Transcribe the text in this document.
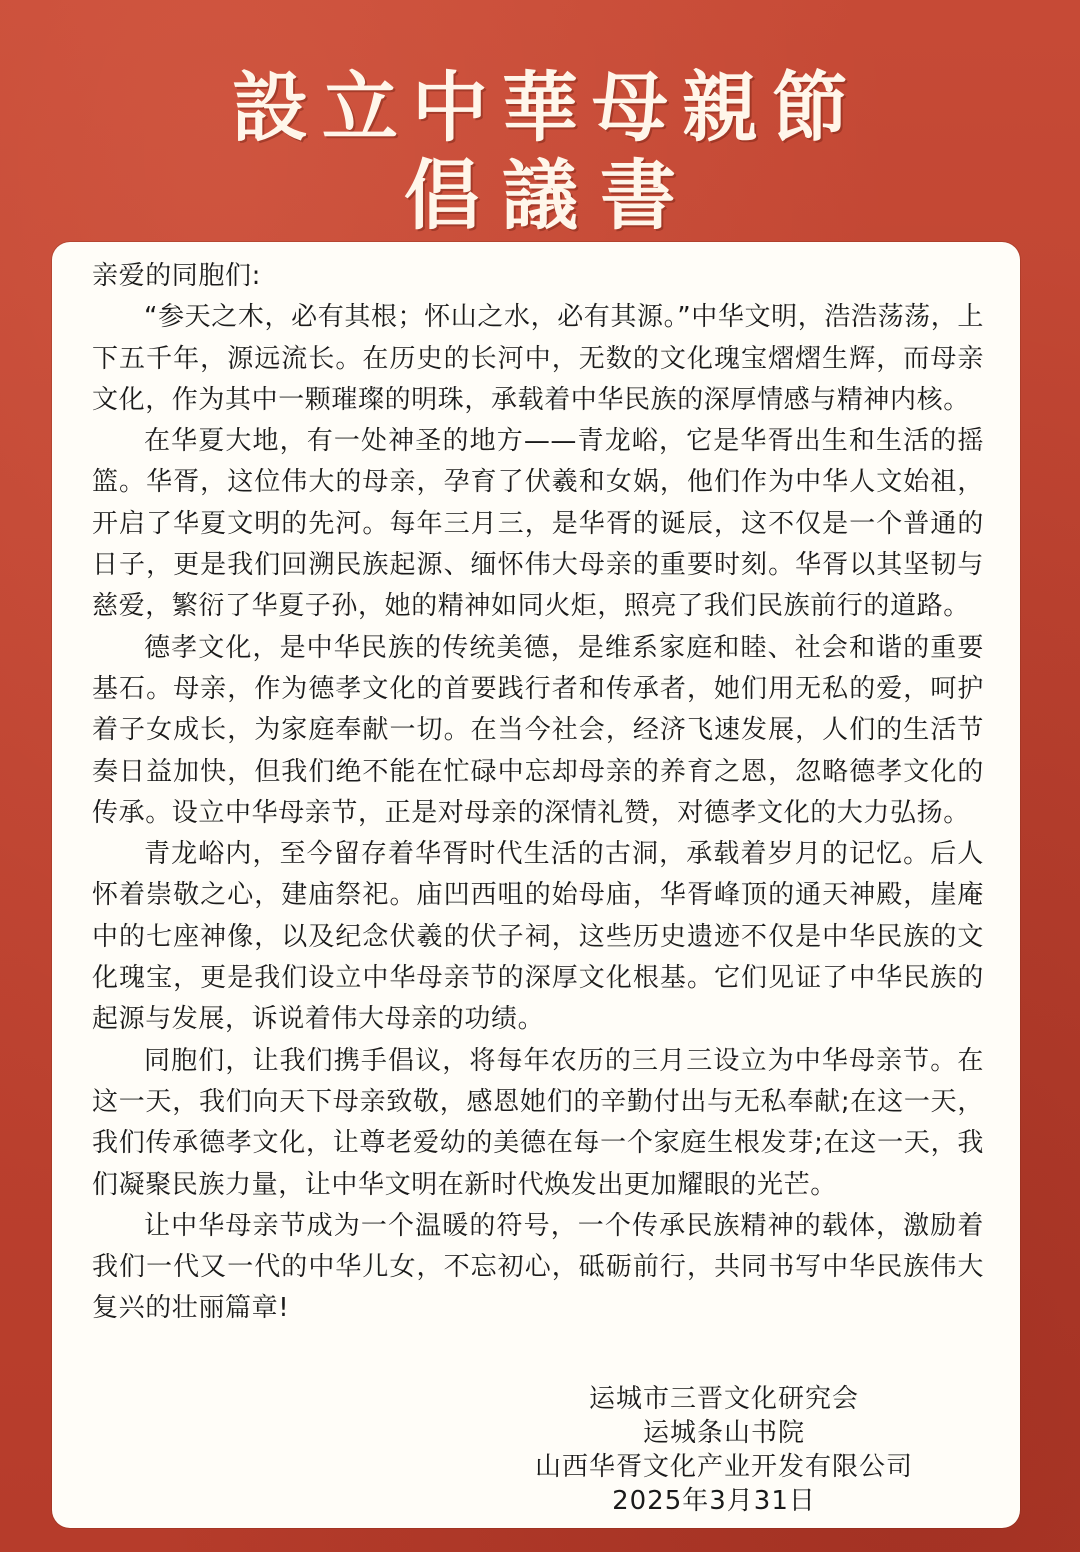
設立中華母親節
倡議書

亲爱的同胞们:

“参天之木，必有其根；怀山之水，必有其源。”中华文明，浩浩荡荡，上下五千年，源远流长。在历史的长河中，无数的文化瑰宝熠熠生辉，而母亲文化，作为其中一颗璀璨的明珠，承载着中华民族的深厚情感与精神内核。

在华夏大地，有一处神圣的地方——青龙峪，它是华胥出生和生活的摇篮。华胥，这位伟大的母亲，孕育了伏羲和女娲，他们作为中华人文始祖，开启了华夏文明的先河。每年三月三，是华胥的诞辰，这不仅是一个普通的日子，更是我们回溯民族起源、缅怀伟大母亲的重要时刻。华胥以其坚韧与慈爱，繁衍了华夏子孙，她的精神如同火炬，照亮了我们民族前行的道路。

德孝文化，是中华民族的传统美德，是维系家庭和睦、社会和谐的重要基石。母亲，作为德孝文化的首要践行者和传承者，她们用无私的爱，呵护着子女成长，为家庭奉献一切。在当今社会，经济飞速发展，人们的生活节奏日益加快，但我们绝不能在忙碌中忘却母亲的养育之恩，忽略德孝文化的传承。设立中华母亲节，正是对母亲的深情礼赞，对德孝文化的大力弘扬。

青龙峪内，至今留存着华胥时代生活的古洞，承载着岁月的记忆。后人怀着崇敬之心，建庙祭祀。庙凹西咀的始母庙，华胥峰顶的通天神殿，崖庵中的七座神像，以及纪念伏羲的伏子祠，这些历史遗迹不仅是中华民族的文化瑰宝，更是我们设立中华母亲节的深厚文化根基。它们见证了中华民族的起源与发展，诉说着伟大母亲的功绩。

同胞们，让我们携手倡议，将每年农历的三月三设立为中华母亲节。在这一天，我们向天下母亲致敬，感恩她们的辛勤付出与无私奉献;在这一天，我们传承德孝文化，让尊老爱幼的美德在每一个家庭生根发芽;在这一天，我们凝聚民族力量，让中华文明在新时代焕发出更加耀眼的光芒。

让中华母亲节成为一个温暖的符号，一个传承民族精神的载体，激励着我们一代又一代的中华儿女，不忘初心，砥砺前行，共同书写中华民族伟大复兴的壮丽篇章!

运城市三晋文化研究会
运城条山书院
山西华胥文化产业开发有限公司
2025年3月31日
